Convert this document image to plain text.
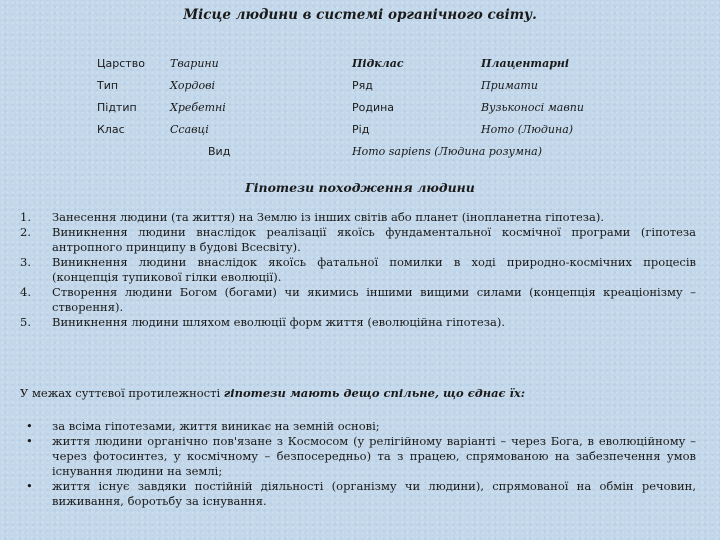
Місце людини в системі органічного світу.
Царство Тварини	Підклас	Плацентарні
Тип	Хордові	Ряд	Примати
Підтип	Хребетні	Родина	Вузьконосі мавпи
Клас	Ссавці	Рід	Homo (Людина)
Вид	Homo sapiens (Людина розумна)
Гіпотези походження людини
1. Занесення людини (та життя) на Землю із інших світів або планет (інопланетна гіпотеза).
2. Виникнення людини внаслідок реалізації якоїсь фундаментальної космічної програми (гіпотеза антропного принципу в будові Всесвіту).
3. Виникнення людини внаслідок якоїсь фатальної помилки в ході природно-космічних процесів (концепція тупикової гілки еволюції).
4. Створення людини Богом (богами) чи якимись іншими вищими силами (концепція креаціонізму – створення).
5. Виникнення людини шляхом еволюції форм життя (еволюційна гіпотеза).
У межах суттєвої протилежності гіпотези мають дещо спільне, що єднає їх:
• за всіма гіпотезами, життя виникає на земній основі;
• життя людини органічно пов'язане з Космосом (у релігійному варіанті – через Бога, в еволюційному – через фотосинтез, у космічному – безпосередньо) та з працею, спрямованою на забезпечення умов існування людини на землі;
• життя існує завдяки постійній діяльності (організму чи людини), спрямованої на обмін речовин, виживання, боротьбу за існування.
